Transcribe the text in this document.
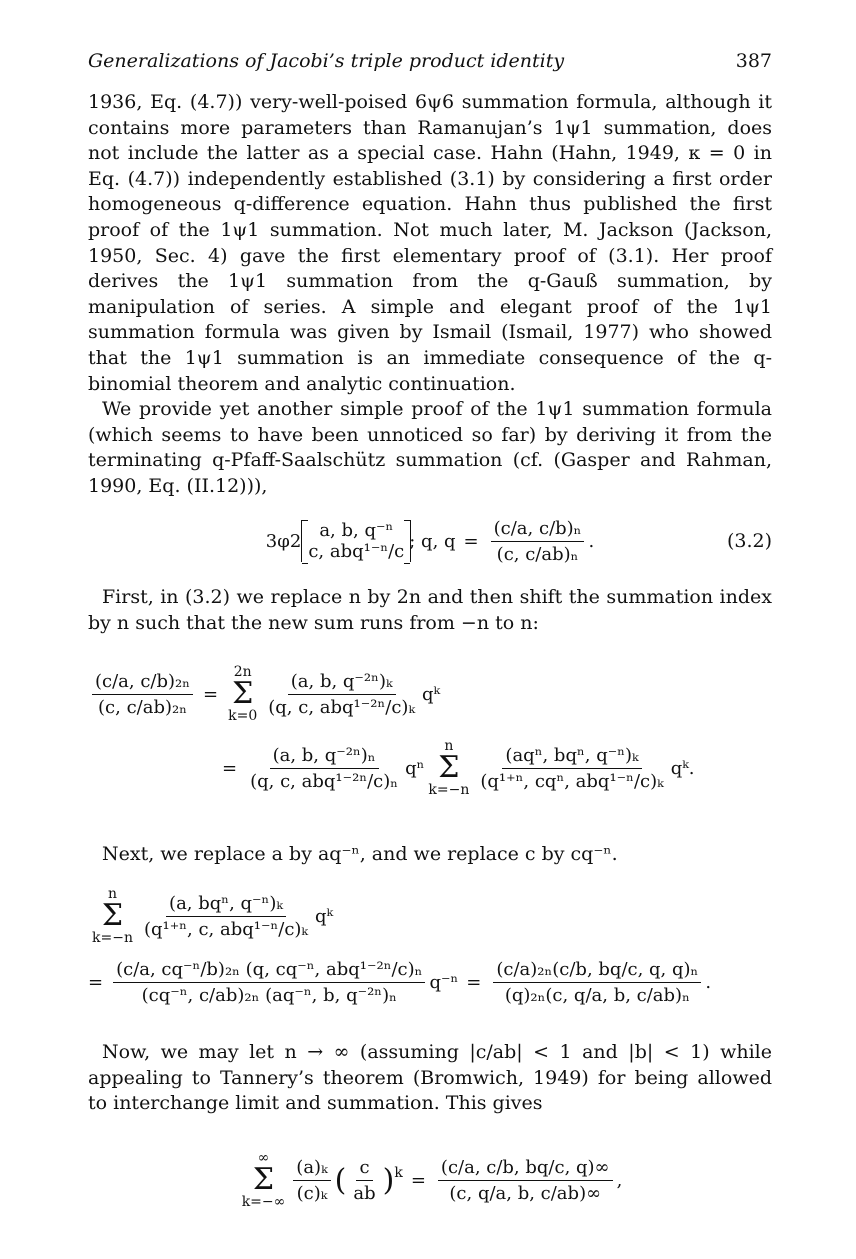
Generalizations of Jacobi’s triple product identity	387

1936, Eq. (4.7)) very-well-poised 6ψ6 summation formula, although it contains more parameters than Ramanujan’s 1ψ1 summation, does not include the latter as a special case. Hahn (Hahn, 1949, κ = 0 in Eq. (4.7)) independently established (3.1) by considering a first order homogeneous q-difference equation. Hahn thus published the first proof of the 1ψ1 summation. Not much later, M. Jackson (Jackson, 1950, Sec. 4) gave the first elementary proof of (3.1). Her proof derives the 1ψ1 summation from the q-Gauß summation, by manipulation of series. A simple and elegant proof of the 1ψ1 summation formula was given by Ismail (Ismail, 1977) who showed that the 1ψ1 summation is an immediate consequence of the q-binomial theorem and analytic continuation.

We provide yet another simple proof of the 1ψ1 summation formula (which seems to have been unnoticed so far) by deriving it from the terminating q-Pfaff-Saalschütz summation (cf. (Gasper and Rahman, 1990, Eq. (II.12))),

3φ2	a, b, q⁻ⁿ
c, abq¹⁻ⁿ/c ; q, $q = \frac{\text{(c/a, c/b)ₙ}}{\text{(c, c/ab)ₙ}}$ .	(3.2)

First, in (3.2) we replace n by 2n and then shift the summation index by n such that the new sum runs from −n to n:

$\frac{\text{(c/a, c/b)₂ₙ}}{\text{(c, c/ab)₂ₙ}}$ =
2n
Σ
$k=0 \frac{\text{(a, b, q⁻²ⁿ)ₖ}}{\text{(q, c, abq¹⁻²ⁿ/c)ₖ}}$ qᵏ
= $\frac{\text{(a, b, q⁻²ⁿ)ₙ}}{\text{(q, c, abq¹⁻²ⁿ/c)ₙ}}$ qⁿ
n
Σ
$k=-n \frac{\text{(aqⁿ, bqⁿ, q⁻ⁿ)ₖ}}{\text{(q¹⁺ⁿ, cqⁿ, abq¹⁻ⁿ/c)ₖ}}$ qᵏ.

Next, we replace a by aq⁻ⁿ, and we replace c by cq⁻ⁿ.

n
Σ
$k=-n \frac{\text{(a, bqⁿ, q⁻ⁿ)ₖ}}{\text{(q¹⁺ⁿ, c, abq¹⁻ⁿ/c)ₖ}}$ qᵏ
= $\frac{\text{(c/a, cq⁻ⁿ/b)₂ₙ (q, cq⁻ⁿ, abq¹⁻²ⁿ/c)ₙ}}{\text{(cq⁻ⁿ, c/ab)₂ₙ (aq⁻ⁿ, b, q⁻²ⁿ)ₙ}} q^{-n} = \frac{\text{(c/a)₂ₙ(c/b, bq/c, q, q)ₙ}}{\text{(q)₂ₙ(c, q/a, b, c/ab)ₙ}}$ .

Now, we may let n → ∞ (assuming |c/ab| < 1 and |b| < 1) while appealing to Tannery’s theorem (Bromwich, 1949) for being allowed to interchange limit and summation. This gives

∞
Σ
$k=-\infty \frac{\text{(a)ₖ}}{\text{(c)ₖ}}$ ( $\frac{c}{ab} )^k = \frac{(c/a, c/b, bq/c, q)\infty}{(c, q/a, b, c/ab)\infty}$ ,
